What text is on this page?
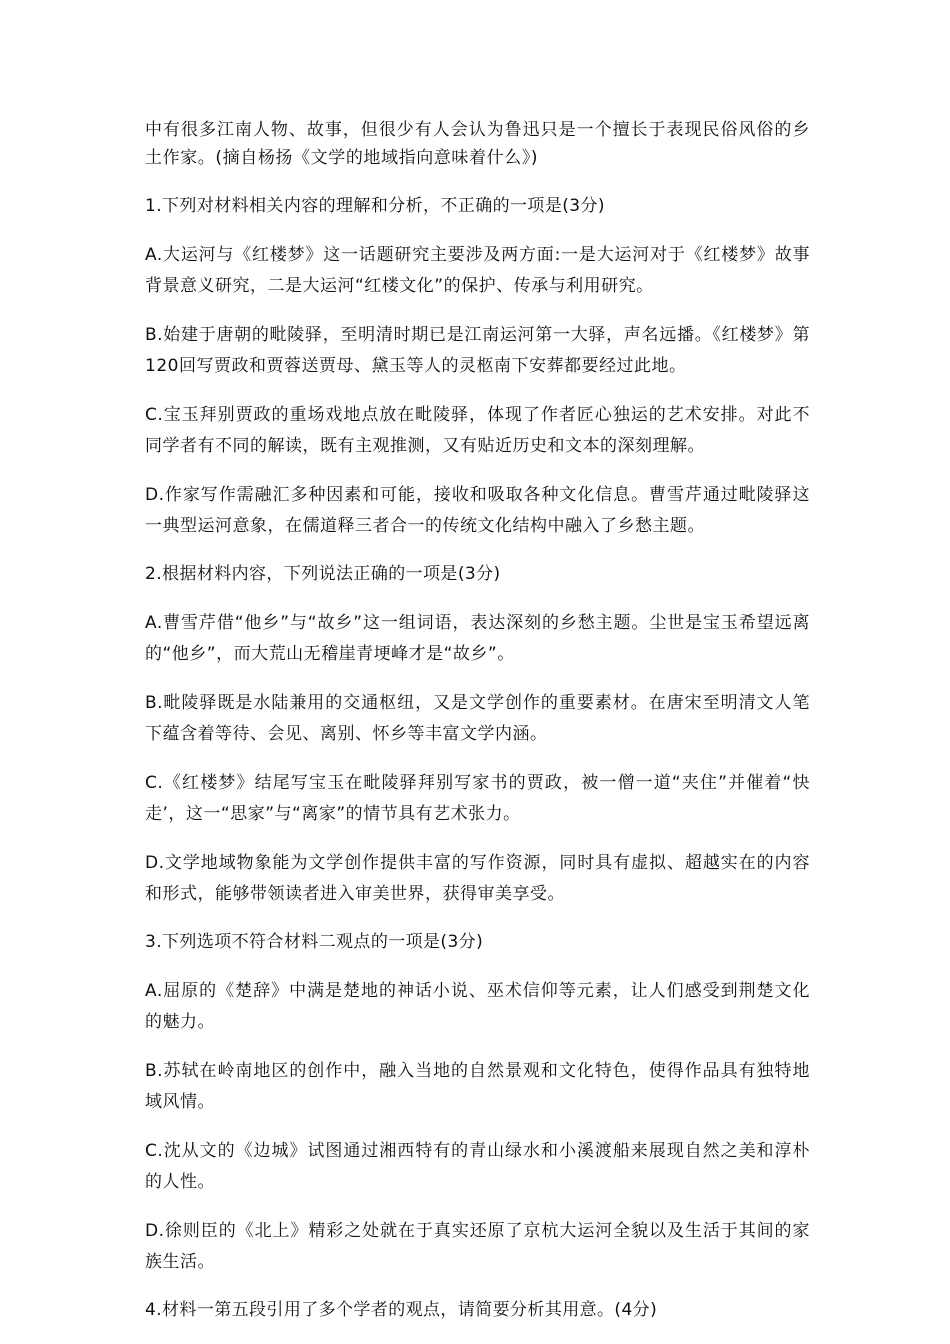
中有很多江南人物、故事，但很少有人会认为鲁迅只是一个擅长于表现民俗风俗的乡土作家。(摘自杨扬《文学的地域指向意味着什么》)

1.下列对材料相关内容的理解和分析，不正确的一项是(3分)

A.大运河与《红楼梦》这一话题研究主要涉及两方面:一是大运河对于《红楼梦》故事背景意义研究，二是大运河“红楼文化”的保护、传承与利用研究。

B.始建于唐朝的毗陵驿，至明清时期已是江南运河第一大驿，声名远播。《红楼梦》第120回写贾政和贾蓉送贾母、黛玉等人的灵柩南下安葬都要经过此地。

C.宝玉拜别贾政的重场戏地点放在毗陵驿，体现了作者匠心独运的艺术安排。对此不同学者有不同的解读，既有主观推测，又有贴近历史和文本的深刻理解。

D.作家写作需融汇多种因素和可能，接收和吸取各种文化信息。曹雪芹通过毗陵驿这一典型运河意象，在儒道释三者合一的传统文化结构中融入了乡愁主题。

2.根据材料内容，下列说法正确的一项是(3分)

A.曹雪芹借“他乡”与“故乡”这一组词语，表达深刻的乡愁主题。尘世是宝玉希望远离的“他乡”，而大荒山无稽崖青埂峰才是“故乡”。

B.毗陵驿既是水陆兼用的交通枢纽，又是文学创作的重要素材。在唐宋至明清文人笔下蕴含着等待、会见、离别、怀乡等丰富文学内涵。

C.《红楼梦》结尾写宝玉在毗陵驿拜别写家书的贾政，被一僧一道“夹住”并催着“快走’，这一“思家”与“离家”的情节具有艺术张力。

D.文学地域物象能为文学创作提供丰富的写作资源，同时具有虚拟、超越实在的内容和形式，能够带领读者进入审美世界，获得审美享受。

3.下列选项不符合材料二观点的一项是(3分)

A.屈原的《楚辞》中满是楚地的神话小说、巫术信仰等元素，让人们感受到荆楚文化的魅力。

B.苏轼在岭南地区的创作中，融入当地的自然景观和文化特色，使得作品具有独特地域风情。

C.沈从文的《边城》试图通过湘西特有的青山绿水和小溪渡船来展现自然之美和淳朴的人性。

D.徐则臣的《北上》精彩之处就在于真实还原了京杭大运河全貌以及生活于其间的家族生活。

4.材料一第五段引用了多个学者的观点，请简要分析其用意。(4分)
